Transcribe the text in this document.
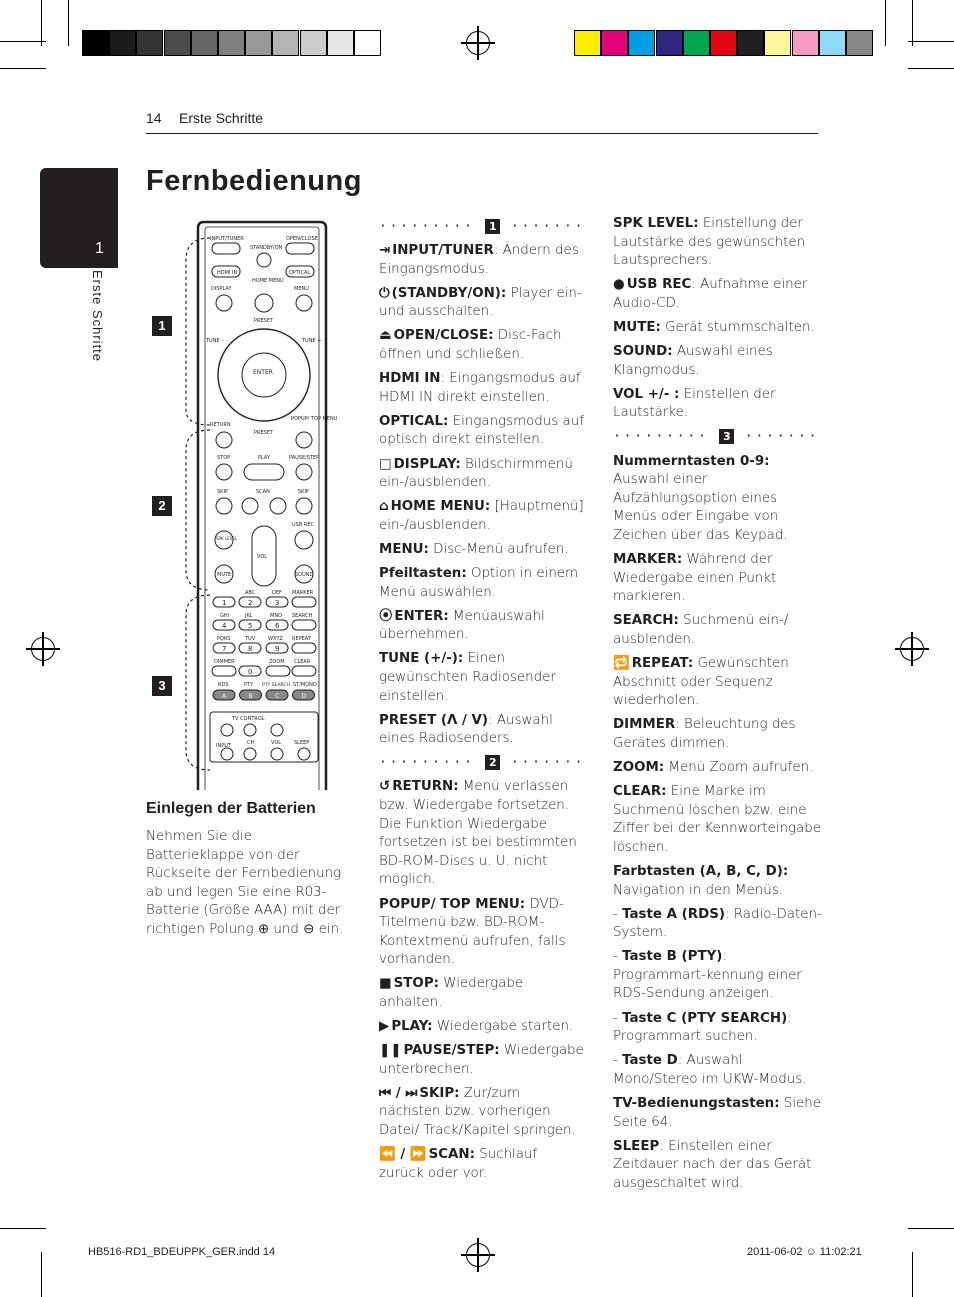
14 Erste Schritte
1
Erste Schritte
Fernbedienung
INPUT/TUNER
STANDBY/ON
OPEN/CLOSE
HDMI IN	OPTICAL
DISPLAY
HOME MENU
MENU
PRESET
TUNE -	TUNE +
ENTER
RETURN
POPUP/ TOP MENU
PRESET
STOP	PLAY	PAUSE/STEP
SKIP	SCAN	SKIP
USB REC
SPK LEVEL
VOL
MUTE	SOUND
ABC	DEF MARKER
GHI	JKL	MNO SEARCH
PQRS	TUV	WXYZ REPEAT
DIMMER	ZOOM CLEAR
1	2	3
4	5	6
7	8	9
0
RDS	PTY PTY SEARCH ST/MONO
A	B	C	D
TV CONTROL
INPUT	CH	VOL	SLEEP
1
2
3
Einlegen der Batterien
Nehmen Sie die Batterieklappe von der Rückseite der Fernbedienung ab und legen Sie eine R03-Batterie (Größe AAA) mit der richtigen Polung ⊕ und ⊖ ein.

········· 1 ·······

⇥ INPUT/TUNER: Ändern des Eingangsmodus.

⏻ (STANDBY/ON): Player ein- und ausschalten.

⏏ OPEN/CLOSE: Disc-Fach öffnen und schließen.

HDMI IN: Eingangsmodus auf HDMI IN direkt einstellen.

OPTICAL: Eingangsmodus auf optisch direkt einstellen.

□ DISPLAY: Bildschirmmenü ein-/ausblenden.

⌂ HOME MENU: [Hauptmenü] ein-/ausblenden.

MENU: Disc-Menü aufrufen.

Pfeiltasten: Option in einem Menü auswählen.

⦿ ENTER: Menüauswahl übernehmen.

TUNE (+/-): Einen gewünschten Radiosender einstellen.

PRESET (Λ / V): Auswahl eines Radiosenders.

········· 2 ·······

↺ RETURN: Menü verlassen bzw. Wiedergabe fortsetzen. Die Funktion Wiedergabe fortsetzen ist bei bestimmten BD-ROM-Discs u. U. nicht möglich.

POPUP/ TOP MENU: DVD-Titelmenü bzw. BD-ROM-Kontextmenü aufrufen, falls vorhanden.

■ STOP: Wiedergabe anhalten.

▶ PLAY: Wiedergabe starten.

❚❚ PAUSE/STEP: Wiedergabe unterbrechen.

⏮ / ⏭ SKIP: Zur/zum nächsten bzw. vorherigen Datei/ Track/Kapitel springen.

⏪ / ⏩ SCAN: Suchlauf zurück oder vor.

SPK LEVEL: Einstellung der Lautstärke des gewünschten Lautsprechers.

● USB REC: Aufnahme einer Audio-CD.

MUTE: Gerät stummschalten.

SOUND: Auswahl eines Klangmodus.

VOL +/- : Einstellen der Lautstärke.

········· 3 ·······

Nummerntasten 0-9: Auswahl einer Aufzählungsoption eines Menüs oder Eingabe von Zeichen über das Keypad.

MARKER: Während der Wiedergabe einen Punkt markieren.

SEARCH: Suchmenü ein-/ ausblenden.

🔁 REPEAT: Gewünschten Abschnitt oder Sequenz wiederholen.

DIMMER: Beleuchtung des Gerätes dimmen.

ZOOM: Menü Zoom aufrufen.

CLEAR: Eine Marke im Suchmenü löschen bzw. eine Ziffer bei der Kennworteingabe löschen.

Farbtasten (A, B, C, D): Navigation in den Menüs.

- Taste A (RDS): Radio-Daten-System.

- Taste B (PTY): Programmart-kennung einer RDS-Sendung anzeigen.

- Taste C (PTY SEARCH): Programmart suchen.

- Taste D: Auswahl Mono/Stereo im UKW-Modus.

TV-Bedienungstasten: Siehe Seite 64.

SLEEP: Einstellen einer Zeitdauer nach der das Gerät ausgeschaltet wird.

HB516-RD1_BDEUPPK_GER.indd 14	2011-06-02 ☺ 11:02:21
